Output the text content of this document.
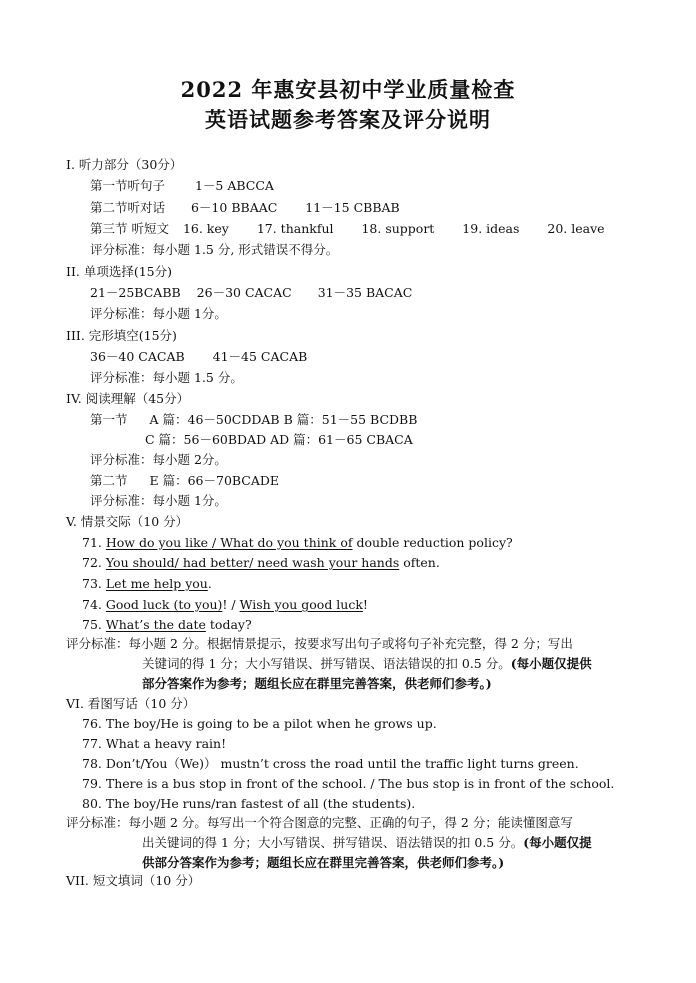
2022 年惠安县初中学业质量检查
英语试题参考答案及评分说明
I. 听力部分（30分）
第一节听句子 1－5 ABCCA
第二节听对话 6－10 BBAAC 11－15 CBBAB
第三节 听短文 16. key 17. thankful 18. support 19. ideas 20. leave
评分标准：每小题 1.5 分, 形式错误不得分。
II. 单项选择(15分)
21－25BCABB 26－30 CACAC 31－35 BACAC
评分标准：每小题 1分。
III. 完形填空(15分)
36－40 CACAB 41－45 CACAB
评分标准：每小题 1.5 分。
IV. 阅读理解（45分）
第一节 A 篇：46－50CDDAB B 篇：51－55 BCDBB
C 篇：56－60BDAD AD 篇：61－65 CBACA
评分标准：每小题 2分。
第二节 E 篇：66－70BCADE
评分标准：每小题 1分。
V. 情景交际（10 分）
71. How do you like / What do you think of double reduction policy?
72. You should/ had better/ need wash your hands often.
73. Let me help you.
74. Good luck (to you)! / Wish you good luck!
75. What’s the date today?
评分标准：每小题 2 分。根据情景提示，按要求写出句子或将句子补充完整，得 2 分；写出
关键词的得 1 分；大小写错误、拼写错误、语法错误的扣 0.5 分。(每小题仅提供
部分答案作为参考；题组长应在群里完善答案，供老师们参考。)
VI. 看图写话（10 分）
76. The boy/He is going to be a pilot when he grows up.
77. What a heavy rain!
78. Don’t/You（We)） mustn’t cross the road until the traffic light turns green.
79. There is a bus stop in front of the school. / The bus stop is in front of the school.
80. The boy/He runs/ran fastest of all (the students).
评分标准：每小题 2 分。每写出一个符合图意的完整、正确的句子，得 2 分；能读懂图意写
出关键词的得 1 分；大小写错误、拼写错误、语法错误的扣 0.5 分。(每小题仅提
供部分答案作为参考；题组长应在群里完善答案，供老师们参考。)
VII. 短文填词（10 分）
